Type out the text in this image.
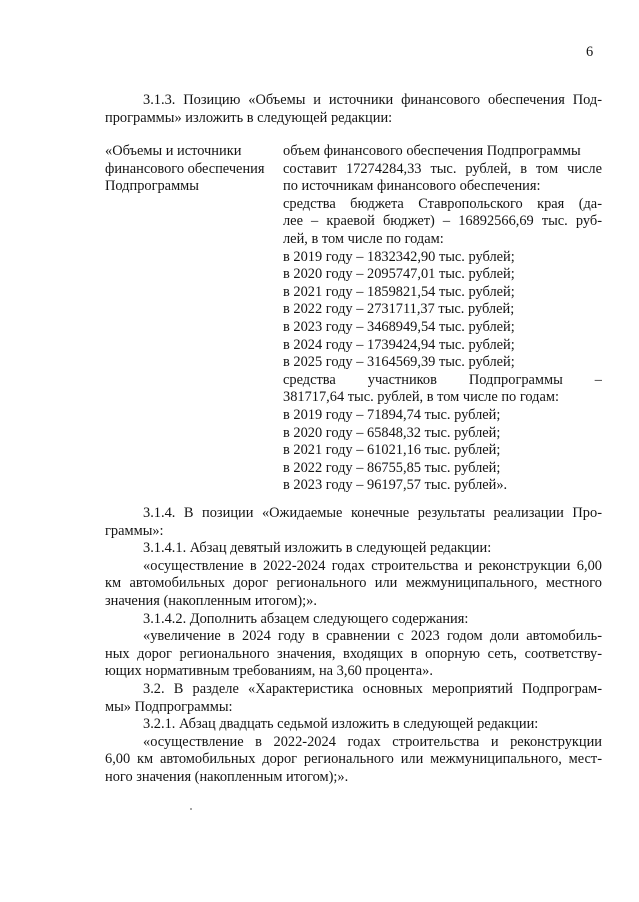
6
3.1.3. Позицию «Объемы и источники финансового обеспечения Под-
программы» изложить в следующей редакции:
«Объемы и источники
финансового обеспечения
Подпрограммы
объем финансового обеспечения Подпрограммы
составит 17274284,33 тыс. рублей, в том числе
по источникам финансового обеспечения:
средства бюджета Ставропольского края (да-
лее – краевой бюджет) – 16892566,69 тыс. руб-
лей, в том числе по годам:
в 2019 году – 1832342,90 тыс. рублей;
в 2020 году – 2095747,01 тыс. рублей;
в 2021 году – 1859821,54 тыс. рублей;
в 2022 году – 2731711,37 тыс. рублей;
в 2023 году – 3468949,54 тыс. рублей;
в 2024 году – 1739424,94 тыс. рублей;
в 2025 году – 3164569,39 тыс. рублей;
средства участников Подпрограммы –
381717,64 тыс. рублей, в том числе по годам:
в 2019 году – 71894,74 тыс. рублей;
в 2020 году – 65848,32 тыс. рублей;
в 2021 году – 61021,16 тыс. рублей;
в 2022 году – 86755,85 тыс. рублей;
в 2023 году – 96197,57 тыс. рублей».
3.1.4. В позиции «Ожидаемые конечные результаты реализации Про-
граммы»:
3.1.4.1. Абзац девятый изложить в следующей редакции:
«осуществление в 2022-2024 годах строительства и реконструкции 6,00
км автомобильных дорог регионального или межмуниципального, местного
значения (накопленным итогом);».
3.1.4.2. Дополнить абзацем следующего содержания:
«увеличение в 2024 году в сравнении с 2023 годом доли автомобиль-
ных дорог регионального значения, входящих в опорную сеть, соответству-
ющих нормативным требованиям, на 3,60 процента».
3.2. В разделе «Характеристика основных мероприятий Подпрограм-
мы» Подпрограммы:
3.2.1. Абзац двадцать седьмой изложить в следующей редакции:
«осуществление в 2022-2024 годах строительства и реконструкции
6,00 км автомобильных дорог регионального или межмуниципального, мест-
ного значения (накопленным итогом);».
